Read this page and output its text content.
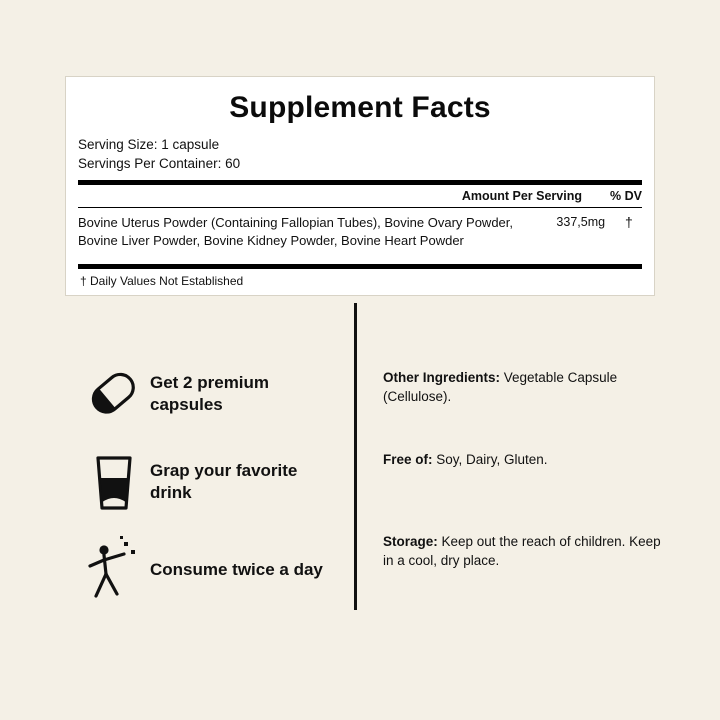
Supplement Facts
Serving Size: 1 capsule
Servings Per Container: 60
Amount Per Serving	% DV
Bovine Uterus Powder (Containing Fallopian Tubes), Bovine Ovary Powder, Bovine Liver Powder, Bovine Kidney Powder, Bovine Heart Powder
337,5mg	†
† Daily Values Not Established
Get 2 premium capsules
Grap your favorite drink
Consume twice a day
Other Ingredients: Vegetable Capsule (Cellulose).
Free of: Soy, Dairy, Gluten.
Storage: Keep out the reach of children. Keep in a cool, dry place.
